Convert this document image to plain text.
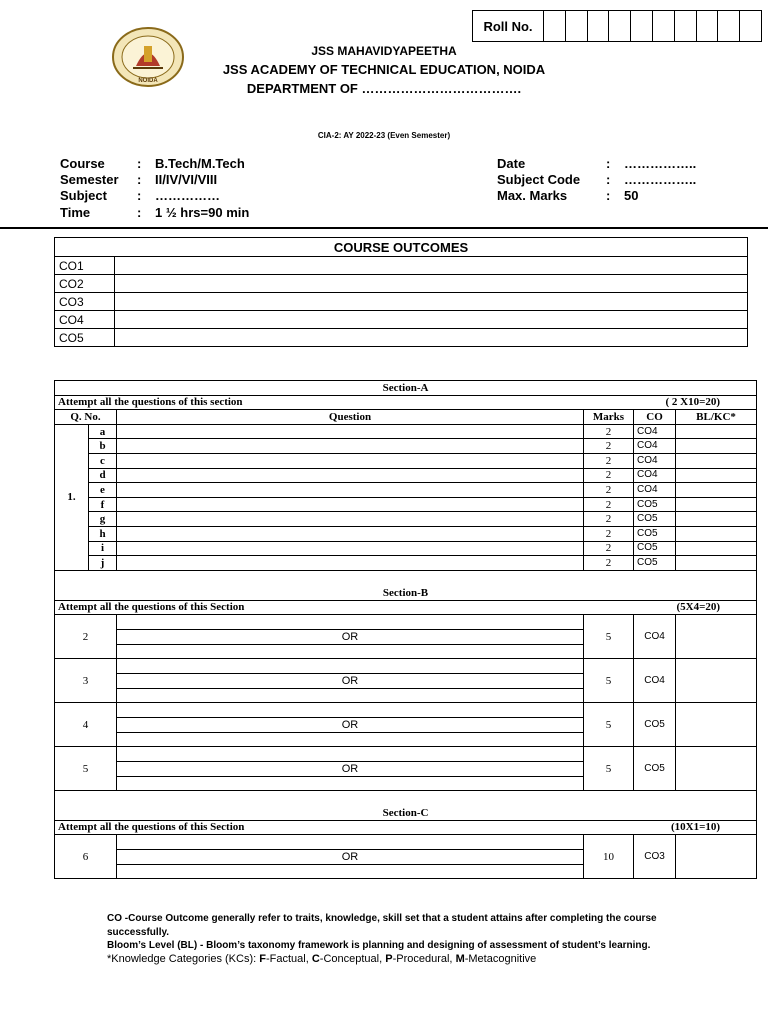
Roll No.
NOIDA
JSS MAHAVIDYAPEETHA
JSS ACADEMY OF TECHNICAL EDUCATION, NOIDA
DEPARTMENT OF ……………………………….
CIA-2: AY 2022-23 (Even Semester)
Course : B.Tech/M.Tech
Semester : II/IV/VI/VIII
Subject : ……………
Time	: 1 ½ hrs=90 min
Date	: ……………..
Subject Code : ……………..
Max. Marks	: 50
COURSE OUTCOMES	
CO1	
CO2	
CO3	
CO4	
CO5	
Section-A					
Attempt all the questions of this section ( 2 X10=20)					

Q. No.		Question	Marks	CO	BL/KC*
1.	a		2	CO4	
	b		2	CO4	
	c		2	CO4	
	d		2	CO4	
	e		2	CO4	
	f		2	CO5	
	g		2	CO5	
	h		2	CO5	
	i		2	CO5	
	j		2	CO5	

Section-B				
Attempt all the questions of this Section (5X4=20)				

2	OR	5	CO4	
3	OR	5	CO4	
4	OR	5	CO5	
5	OR	5	CO5	

Section-C
Attempt all the questions of this Section	(10X1=10)

6	OR	10	CO3	
CO -Course Outcome generally refer to traits, knowledge, skill set that a student attains after completing the course successfully.
Bloom’s Level (BL) - Bloom’s taxonomy framework is planning and designing of assessment of student’s learning.
*Knowledge Categories (KCs): F-Factual, C-Conceptual, P-Procedural, M-Metacognitive
